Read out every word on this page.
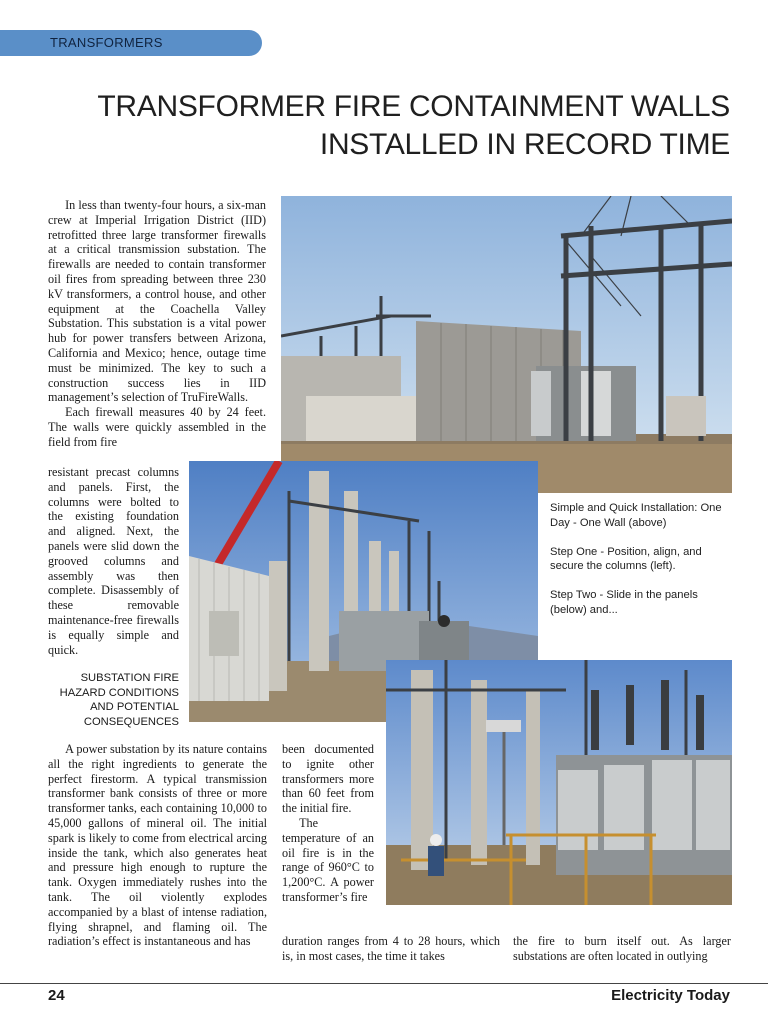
TRANSFORMERS
TRANSFORMER FIRE CONTAINMENT WALLS
INSTALLED IN RECORD TIME

In less than twenty-four hours, a six-man crew at Imperial Irrigation District (IID) retrofitted three large transformer firewalls at a critical transmission substation. The firewalls are needed to contain transformer oil fires from spreading between three 230 kV transformers, a control house, and other equipment at the Coachella Valley Substation. This substation is a vital power hub for power transfers between Arizona, California and Mexico; hence, outage time must be minimized. The key to such a construction success lies in IID management’s selection of TruFireWalls.

Each firewall measures 40 by 24 feet. The walls were quickly assembled in the field from fire

resistant precast columns and panels. First, the columns were bolted to the existing foundation and aligned. Next, the panels were slid down the grooved columns and assembly was then complete. Disassembly of these removable maintenance-free firewalls is equally simple and quick.

SUBSTATION FIRE HAZARD CONDITIONS AND POTENTIAL CONSEQUENCES

A power substation by its nature contains all the right ingredients to generate the perfect firestorm. A typical transmission transformer bank consists of three or more transformer tanks, each containing 10,000 to 45,000 gallons of mineral oil. The initial spark is likely to come from electrical arcing inside the tank, which also generates heat and pressure high enough to rupture the tank. Oxygen immediately rushes into the tank. The oil violently explodes accompanied by a blast of intense radiation, flying shrapnel, and flaming oil. The radiation’s effect is instantaneous and has

been documented to ignite other transformers more than 60 feet from the initial fire.

The temperature of an oil fire is in the range of 960°C to 1,200°C. A power transformer’s fire

duration ranges from 4 to 28 hours, which is, in most cases, the time it takes

the fire to burn itself out. As larger substations are often located in outlying

Simple and Quick Installation: One Day - One Wall (above)

Step One - Position, align, and secure the columns (left).

Step Two - Slide in the panels (below) and...

24	Electricity Today
